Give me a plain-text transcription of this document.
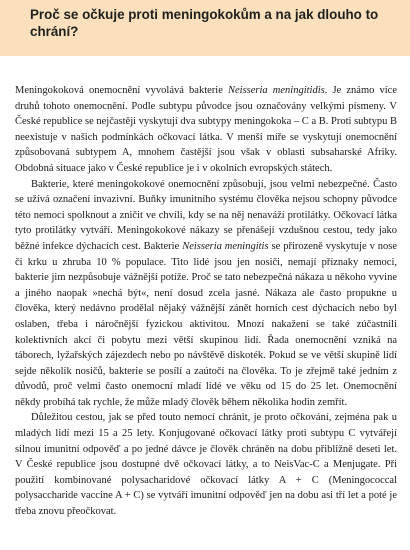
Proč se očkuje proti meningokokům a na jak dlouho to chrání?

Meningokoková onemocnění vyvolává bakterie Neisseria meningitidis. Je známo více druhů tohoto onemocnění. Podle subtypu původce jsou označovány velkými písmeny. V České republice se nejčastěji vyskytují dva subtypy meningokoka – C a B. Proti subtypu B neexistuje v našich podmínkách očkovací látka. V menší míře se vyskytují onemocnění způsobovaná subtypem A, mnohem častější jsou však v oblasti subsaharské Afriky. Obdobná situace jako v České republice je i v okolních evropských státech.

Bakterie, které meningokokové onemocnění způsobují, jsou velmi nebezpečné. Často se užívá označení invazivní. Buňky imunitního systému člověka nejsou schopny původce této nemoci spolknout a zničit ve chvíli, kdy se na něj nenaváží protilátky. Očkovací látka tyto protilátky vytváří. Meningokokové nákazy se přenášejí vzdušnou cestou, tedy jako běžné infekce dýchacích cest. Bakterie Neisseria meningitis se přirozeně vyskytuje v nose či krku u zhruba 10 % populace. Tito lidé jsou jen nosiči, nemají příznaky nemoci, bakterie jim nezpůsobuje vážnější potíže. Proč se tato nebezpečná nákaza u někoho vyvine a jiného naopak »nechá být«, není dosud zcela jasné. Nákaza ale často propukne u člověka, který nedávno prodělal nějaký vážnější zánět horních cest dýchacích nebo byl oslaben, třeba i náročnější fyzickou aktivitou. Mnozí nakažení se také zúčastnili kolektivních akcí či pobytu mezi větší skupinou lidí. Řada onemocnění vzniká na táborech, lyžařských zájezdech nebo po návštěvě diskoték. Pokud se ve větší skupině lidí sejde několik nosičů, bakterie se posílí a zaútočí na člověka. To je zřejmě také jedním z důvodů, proč velmi často onemocní mladí lidé ve věku od 15 do 25 let. Onemocnění někdy probíhá tak rychle, že může mladý člověk během několika hodin zemřít.

Důležitou cestou, jak se před touto nemocí chránit, je proto očkování, zejména pak u mladých lidí mezi 15 a 25 lety. Konjugované očkovací látky proti subtypu C vytvářejí silnou imunitní odpověď a po jedné dávce je člověk chráněn na dobu přibližně deseti let. V České republice jsou dostupné dvě očkovací látky, a to NeisVac-C a Menjugate. Při použití kombinované polysacharidové očkovací látky A + C (Meningococcal polysaccharide vaccine A + C) se vytváří imunitní odpověď jen na dobu asi tří let a poté je třeba znovu přeočkovat.
